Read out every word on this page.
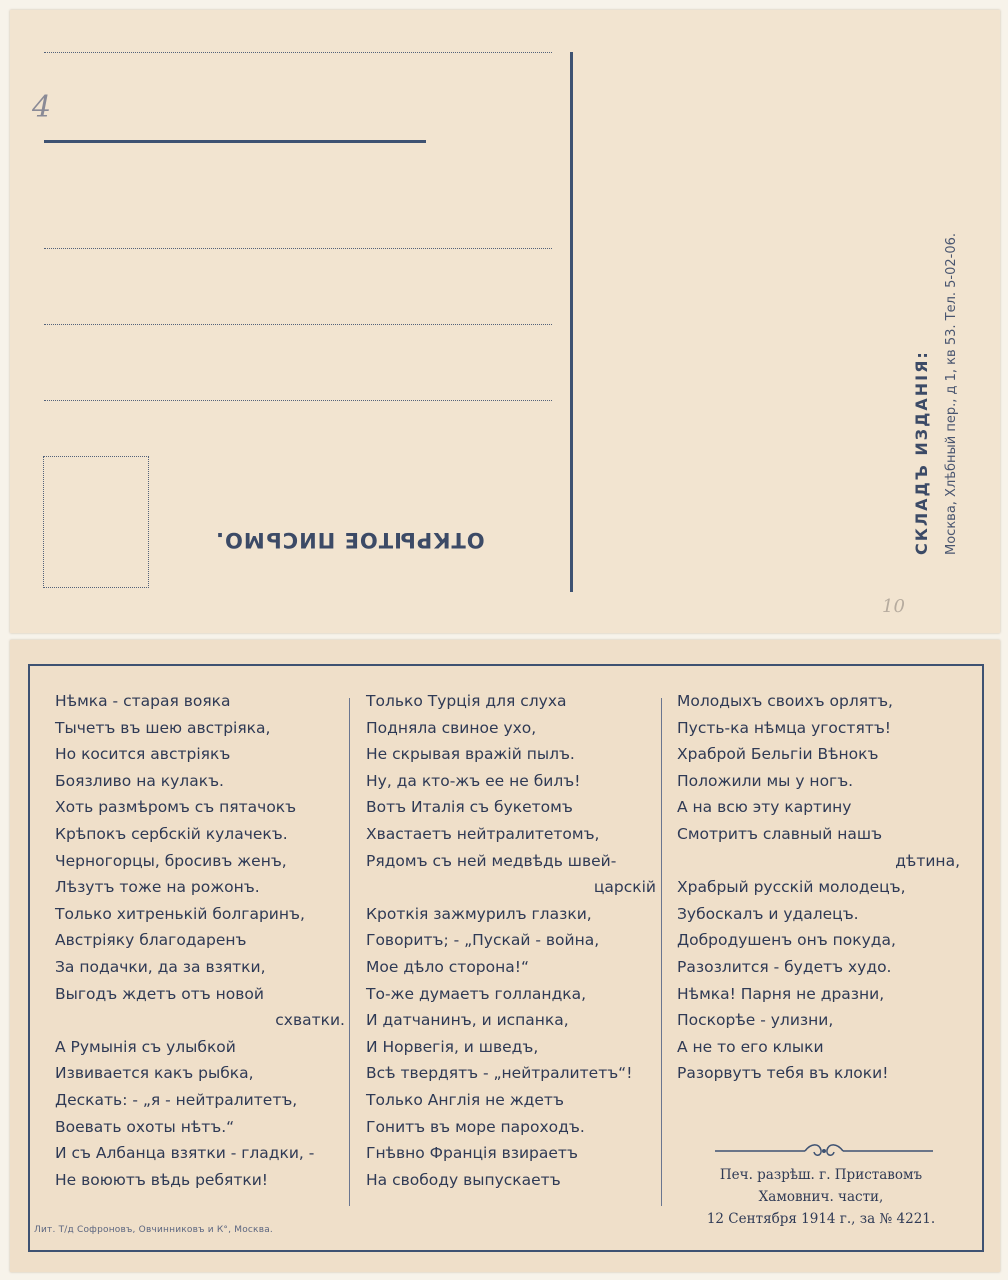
4
ОТКРЫТОЕ ПИСЬМО.	СКЛАДЪ ИЗДАНІЯ:	Москва, Хлѣбный пер., д 1, кв 53. Тел. 5-02-06.
10
Нѣмка - старая вояка
Тычетъ въ шею австріяка,
Но косится австріякъ
Боязливо на кулакъ.
Хоть размѣромъ съ пятачокъ
Крѣпокъ сербскій кулачекъ.
Черногорцы, бросивъ женъ,
Лѣзутъ тоже на рожонъ.
Только хитренькій болгаринъ,
Австріяку благодаренъ
За подачки, да за взятки,
Выгодъ ждетъ отъ новой
схватки.
А Румынія съ улыбкой
Извивается какъ рыбка,
Дескать: - „я - нейтралитетъ,
Воевать охоты нѣтъ.“
И съ Албанца взятки - гладки, -
Не воюютъ вѣдь ребятки!
Только Турція для слуха
Подняла свиное ухо,
Не скрывая вражій пылъ.
Ну, да кто-жъ ее не билъ!
Вотъ Италія съ букетомъ
Хвастаетъ нейтралитетомъ,
Рядомъ съ ней медвѣдь швей-
царскій
Кроткія зажмурилъ глазки,
Говоритъ; - „Пускай - война,
Мое дѣло сторона!“
То-же думаетъ голландка,
И датчанинъ, и испанка,
И Норвегія, и шведъ,
Всѣ твердятъ - „нейтралитетъ“!
Только Англія не ждетъ
Гонитъ въ море пароходъ.
Гнѣвно Франція взираетъ
На свободу выпускаетъ
Молодыхъ своихъ орлятъ,
Пусть-ка нѣмца угостятъ!
Храброй Бельгіи Вѣнокъ
Положили мы у ногъ.
А на всю эту картину
Смотритъ славный нашъ
дѣтина,
Храбрый русскій молодецъ,
Зубоскалъ и удалецъ.
Добродушенъ онъ покуда,
Разозлится - будетъ худо.
Нѣмка! Парня не дразни,
Поскорѣе - улизни,
А не то его клыки
Разорвутъ тебя въ клоки!
Печ. разрѣш. г. Приставомъ
Хамовнич. части,
12 Сентября 1914 г., за № 4221.
Лит. Т/д Софроновъ, Овчинниковъ и К°, Москва.
